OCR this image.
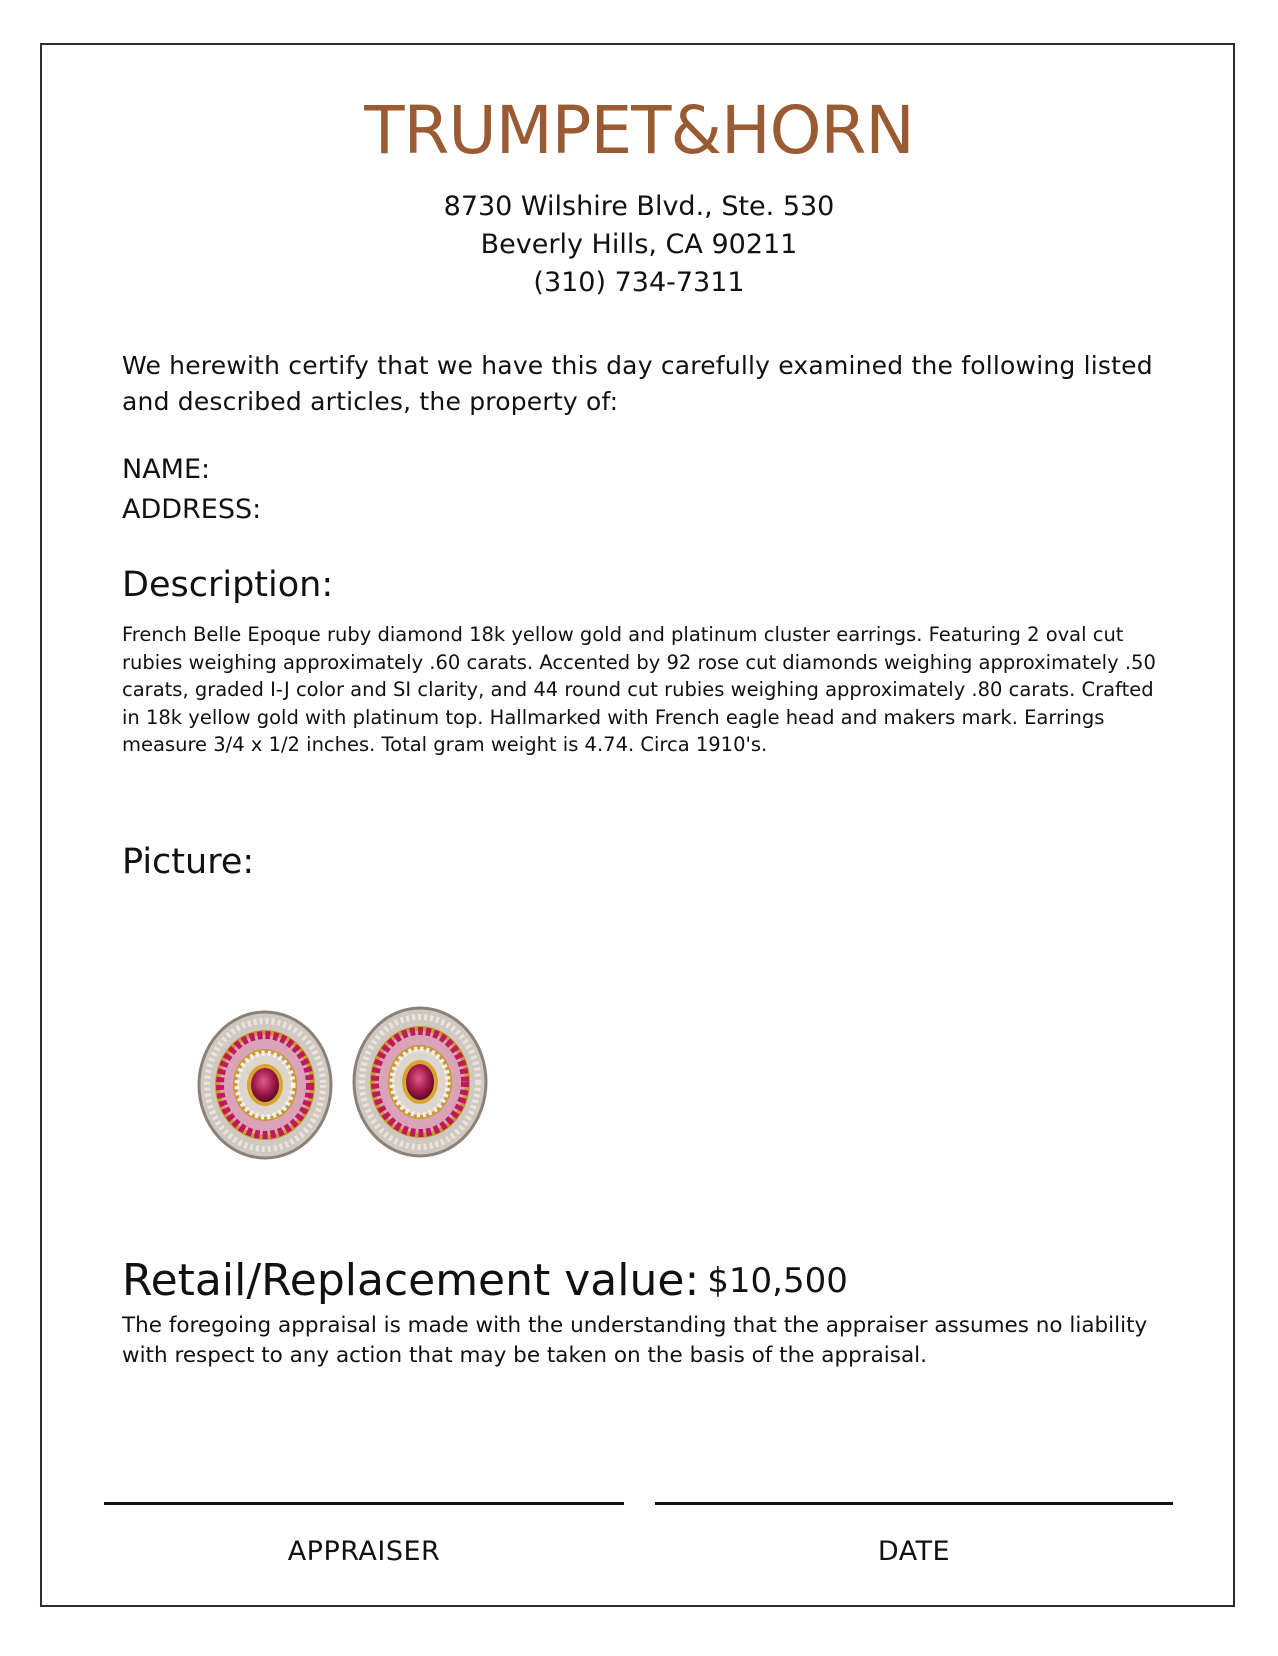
TRUMPET&HORN
8730 Wilshire Blvd., Ste. 530
Beverly Hills, CA 90211
(310) 734-7311
We herewith certify that we have this day carefully examined the following listed and described articles, the property of:
NAME:
ADDRESS:
Description:
French Belle Epoque ruby diamond 18k yellow gold and platinum cluster earrings. Featuring 2 oval cut rubies weighing approximately .60 carats. Accented by 92 rose cut diamonds weighing approximately .50 carats, graded I-J color and SI clarity, and 44 round cut rubies weighing approximately .80 carats. Crafted in 18k yellow gold with platinum top. Hallmarked with French eagle head and makers mark. Earrings measure 3/4 x 1/2 inches. Total gram weight is 4.74. Circa 1910's.
Picture:
Retail/Replacement value: $10,500
The foregoing appraisal is made with the understanding that the appraiser assumes no liability with respect to any action that may be taken on the basis of the appraisal.
APPRAISER	DATE
